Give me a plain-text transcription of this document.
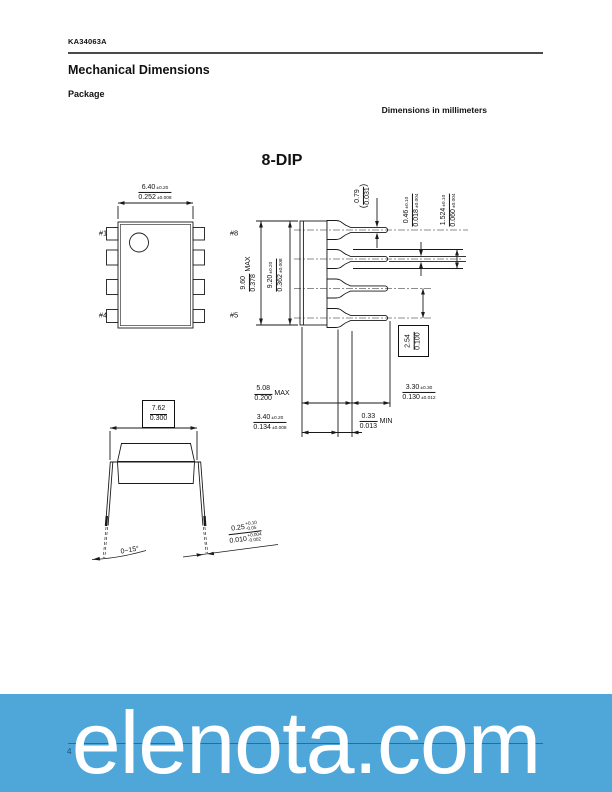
KA34063A
Mechanical Dimensions
Package
Dimensions in millimeters
8-DIP
$\frac{6.40\pm 0.20}{0.252\pm 0.008}$
#1	#8
#4	#5
9.60 0.378
MAX
9.20±0.20
0.362±0.008
(
0.79 0.031
)
0.46±0.10
0.018±0.004
1.524±0.10
0.060±0.004
2.54 0.100
$\frac{5.08}{0.200}$ MAX
$\frac{3.40\pm 0.20}{0.134\pm 0.008}$
$\frac{3.30\pm 0.30}{0.130\pm 0.012}$
$\frac{0.33}{0.013}$ MIN
$\frac{7.62}{0.300}$
0~15°
0.25
+0.10
-0.05
0.010
+0.004
-0.002
4 elenota.com
